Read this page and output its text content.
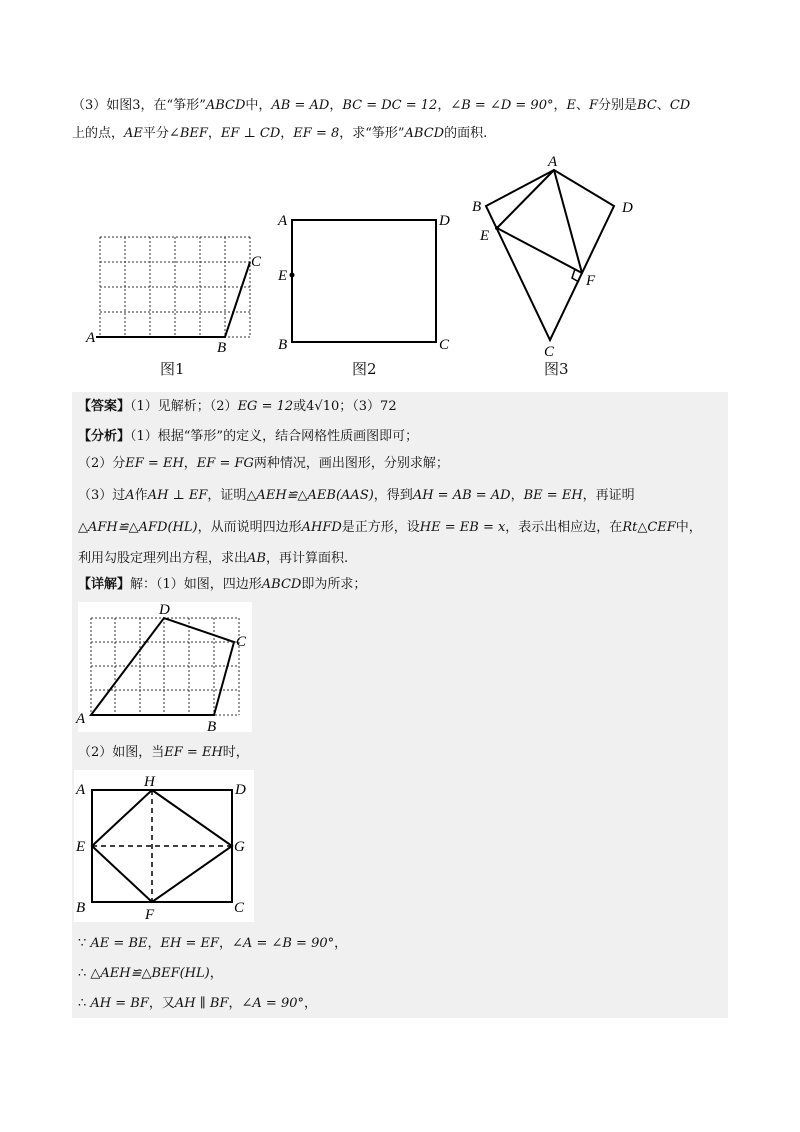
（3）如图3，在“筝形”ABCD中，AB = AD，BC = DC = 12，∠B = ∠D = 90°，E、F分别是BC、CD
上的点，AE平分∠BEF，EF ⊥ CD，EF = 8，求“筝形”ABCD的面积.
A
B
C
图1
A	D
E
B	C
图2
A
B	D
E
F
C
图3
【答案】（1）见解析；（2）EG = 12或4√10；（3）72
【分析】（1）根据“筝形”的定义，结合网格性质画图即可；
（2）分EF = EH，EF = FG两种情况，画出图形，分别求解；
（3）过A作AH ⊥ EF，证明△AEH≌△AEB(AAS)，得到AH = AB = AD，BE = EH，再证明
△AFH≌△AFD(HL)，从而说明四边形AHFD是正方形，设HE = EB = x，表示出相应边，在Rt△CEF中，
利用勾股定理列出方程，求出AB，再计算面积.
【详解】解：（1）如图，四边形ABCD即为所求；
A	B
C
D
（2）如图，当EF = EH时，
A	H	D
E	G
B	F	C
∵ AE = BE，EH = EF，∠A = ∠B = 90°，
∴ △AEH≌△BEF(HL)，
∴ AH = BF，又AH ∥ BF，∠A = 90°，
